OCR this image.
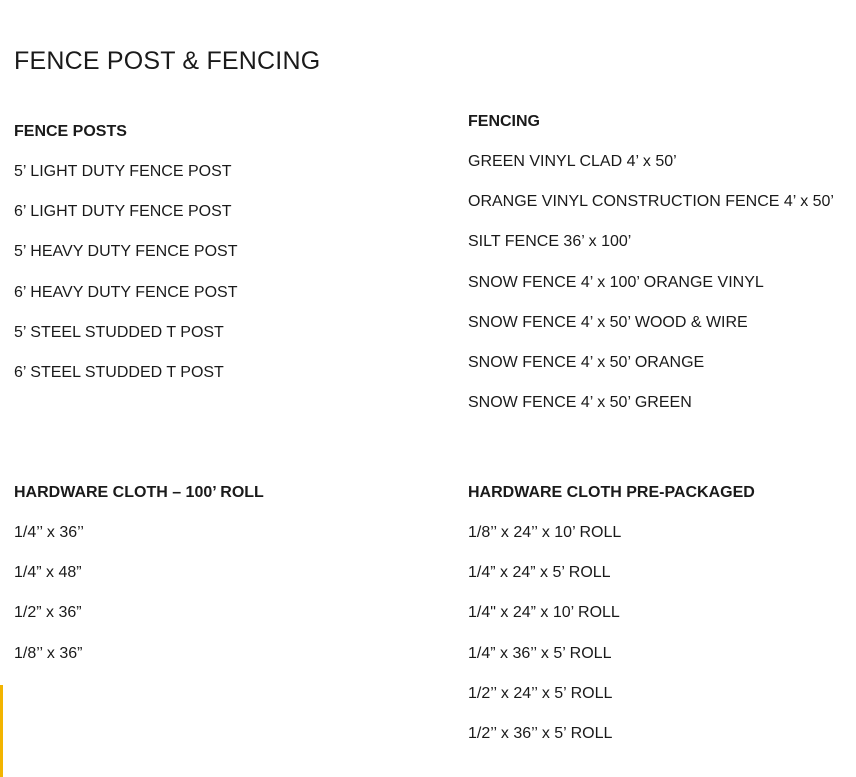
FENCE POST & FENCING
FENCE POSTS
5’ LIGHT DUTY FENCE POST
6’ LIGHT DUTY FENCE POST
5’ HEAVY DUTY FENCE POST
6’ HEAVY DUTY FENCE POST
5’ STEEL STUDDED T POST
6’ STEEL STUDDED T POST
FENCING
GREEN VINYL CLAD 4’ x 50’
ORANGE VINYL CONSTRUCTION FENCE 4’ x 50’
SILT FENCE 36’ x 100’
SNOW FENCE 4’ x 100’ ORANGE VINYL
SNOW FENCE 4’ x 50’ WOOD & WIRE
SNOW FENCE 4’ x 50’ ORANGE
SNOW FENCE 4’ x 50’ GREEN
HARDWARE CLOTH – 100’ ROLL
1/4’’ x 36’’
1/4” x 48”
1/2” x 36”
1/8’’ x 36”
HARDWARE CLOTH PRE-PACKAGED
1/8’’ x 24’’ x 10’ ROLL
1/4” x 24” x 5’ ROLL
1/4" x 24” x 10’ ROLL
1/4” x 36’’ x 5’ ROLL
1/2’’ x 24’’ x 5’ ROLL
1/2’’ x 36’’ x 5’ ROLL
